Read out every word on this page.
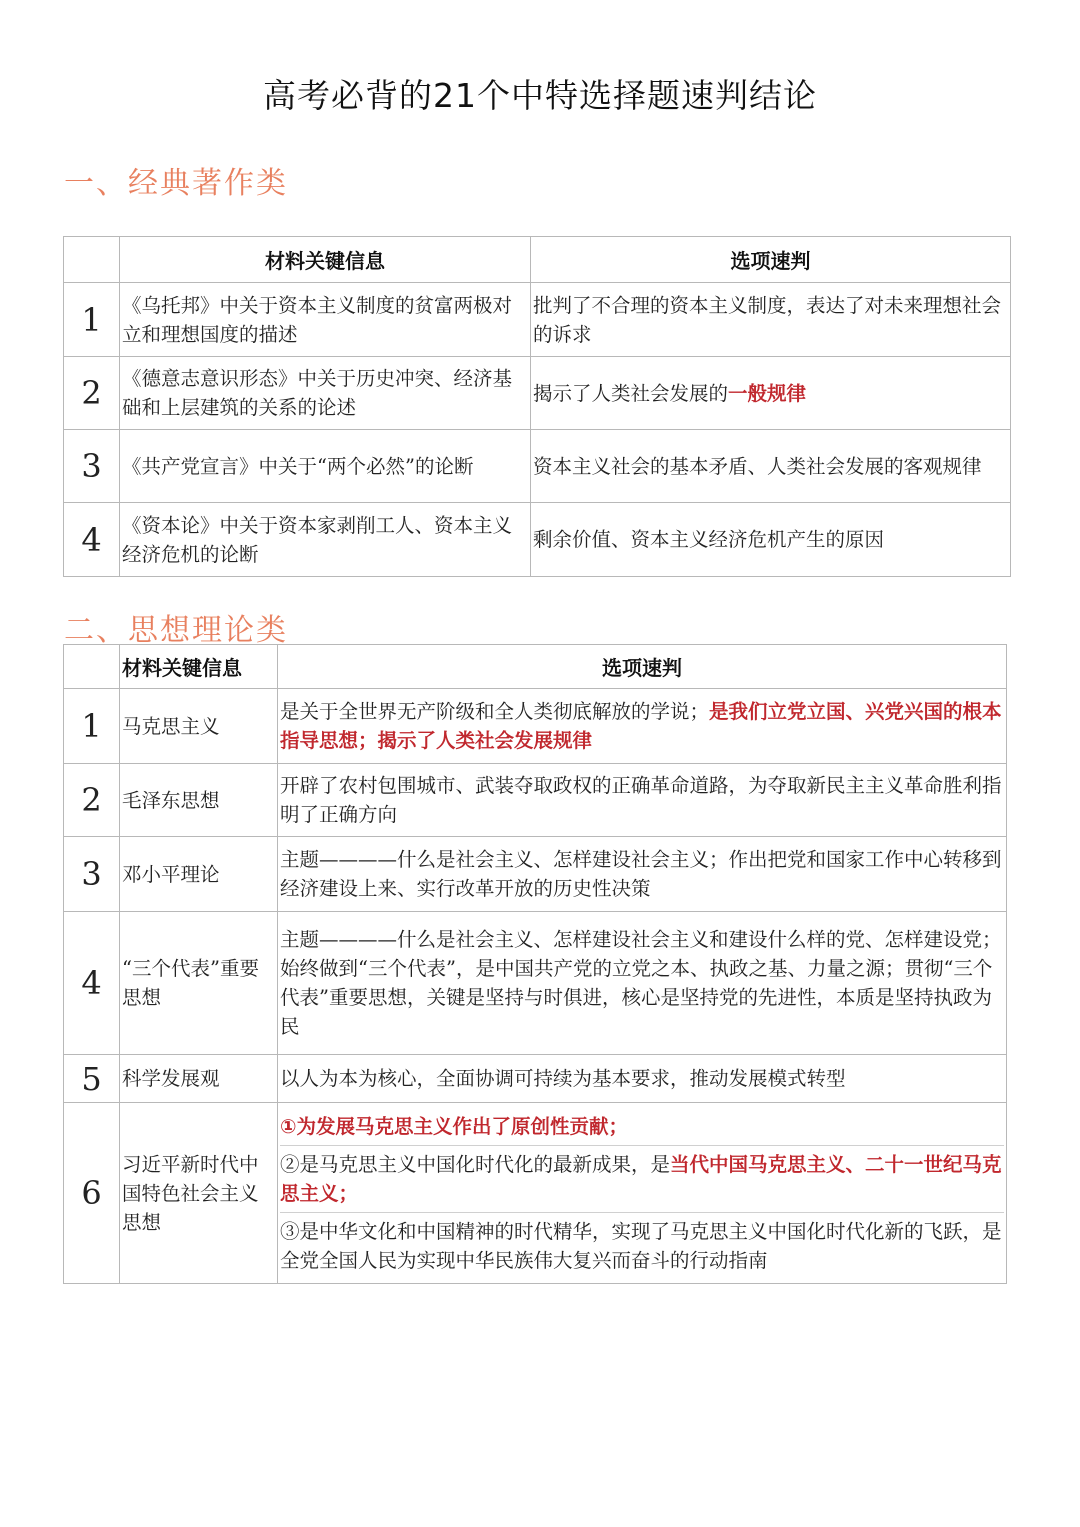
高考必背的21个中特选择题速判结论
一、经典著作类
	材料关键信息	选项速判
1	《乌托邦》中关于资本主义制度的贫富两极对立和理想国度的描述	批判了不合理的资本主义制度，表达了对未来理想社会的诉求
2	《德意志意识形态》中关于历史冲突、经济基础和上层建筑的关系的论述	揭示了人类社会发展的一般规律
3	《共产党宣言》中关于“两个必然”的论断	资本主义社会的基本矛盾、人类社会发展的客观规律
4	《资本论》中关于资本家剥削工人、资本主义经济危机的论断	剩余价值、资本主义经济危机产生的原因
二、思想理论类
	材料关键信息	选项速判
1	马克思主义	是关于全世界无产阶级和全人类彻底解放的学说；是我们立党立国、兴党兴国的根本指导思想；揭示了人类社会发展规律
2	毛泽东思想	开辟了农村包围城市、武装夺取政权的正确革命道路，为夺取新民主主义革命胜利指明了正确方向
3	邓小平理论	主题————什么是社会主义、怎样建设社会主义；作出把党和国家工作中心转移到经济建设上来、实行改革开放的历史性决策
4	“三个代表”重要思想	主题————什么是社会主义、怎样建设社会主义和建设什么样的党、怎样建设党；始终做到“三个代表”，是中国共产党的立党之本、执政之基、力量之源；贯彻“三个代表”重要思想，关键是坚持与时俱进，核心是坚持党的先进性，本质是坚持执政为民
5	科学发展观	以人为本为核心，全面协调可持续为基本要求，推动发展模式转型
6	习近平新时代中国特色社会主义思想	①为发展马克思主义作出了原创性贡献；
②是马克思主义中国化时代化的最新成果，是当代中国马克思主义、二十一世纪马克思主义；
③是中华文化和中国精神的时代精华，实现了马克思主义中国化时代化新的飞跃，是全党全国人民为实现中华民族伟大复兴而奋斗的行动指南
